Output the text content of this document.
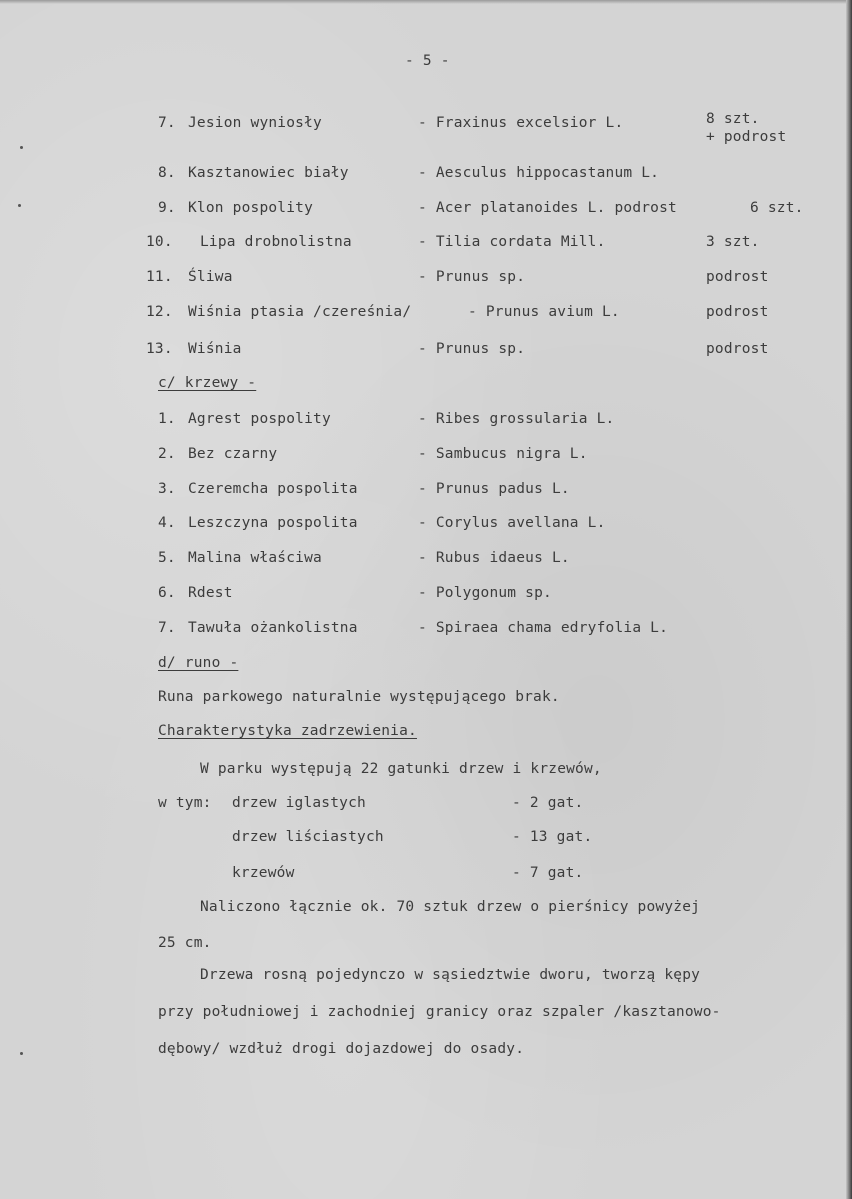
- 5 -
7. Jesion wyniosły	- Fraxinus excelsior L.	8 szt.
+ podrost
8. Kasztanowiec biały	- Aesculus hippocastanum L.
9. Klon pospolity	- Acer platanoides L. podrost	6 szt.
10. Lipa drobnolistna	- Tilia cordata Mill.	3 szt.
11. Śliwa	- Prunus sp.	podrost
12. Wiśnia ptasia /czereśnia/	- Prunus avium L.	podrost
13. Wiśnia	- Prunus sp.	podrost
c/ krzewy -
1. Agrest pospolity	- Ribes grossularia L.
2. Bez czarny	- Sambucus nigra L.
3. Czeremcha pospolita	- Prunus padus L.
4. Leszczyna pospolita	- Corylus avellana L.
5. Malina właściwa	- Rubus idaeus L.
6. Rdest	- Polygonum sp.
7. Tawuła ożankolistna	- Spiraea chama edryfolia L.
d/ runo -
Runa parkowego naturalnie występującego brak.
Charakterystyka zadrzewienia.
W parku występują 22 gatunki drzew i krzewów,
w tym: drzew iglastych	- 2 gat.
drzew liściastych	- 13 gat.
krzewów	- 7 gat.
Naliczono łącznie ok. 70 sztuk drzew o pierśnicy powyżej
25 cm.
Drzewa rosną pojedynczo w sąsiedztwie dworu, tworzą kępy
przy południowej i zachodniej granicy oraz szpaler /kasztanowo-
dębowy/ wzdłuż drogi dojazdowej do osady.
